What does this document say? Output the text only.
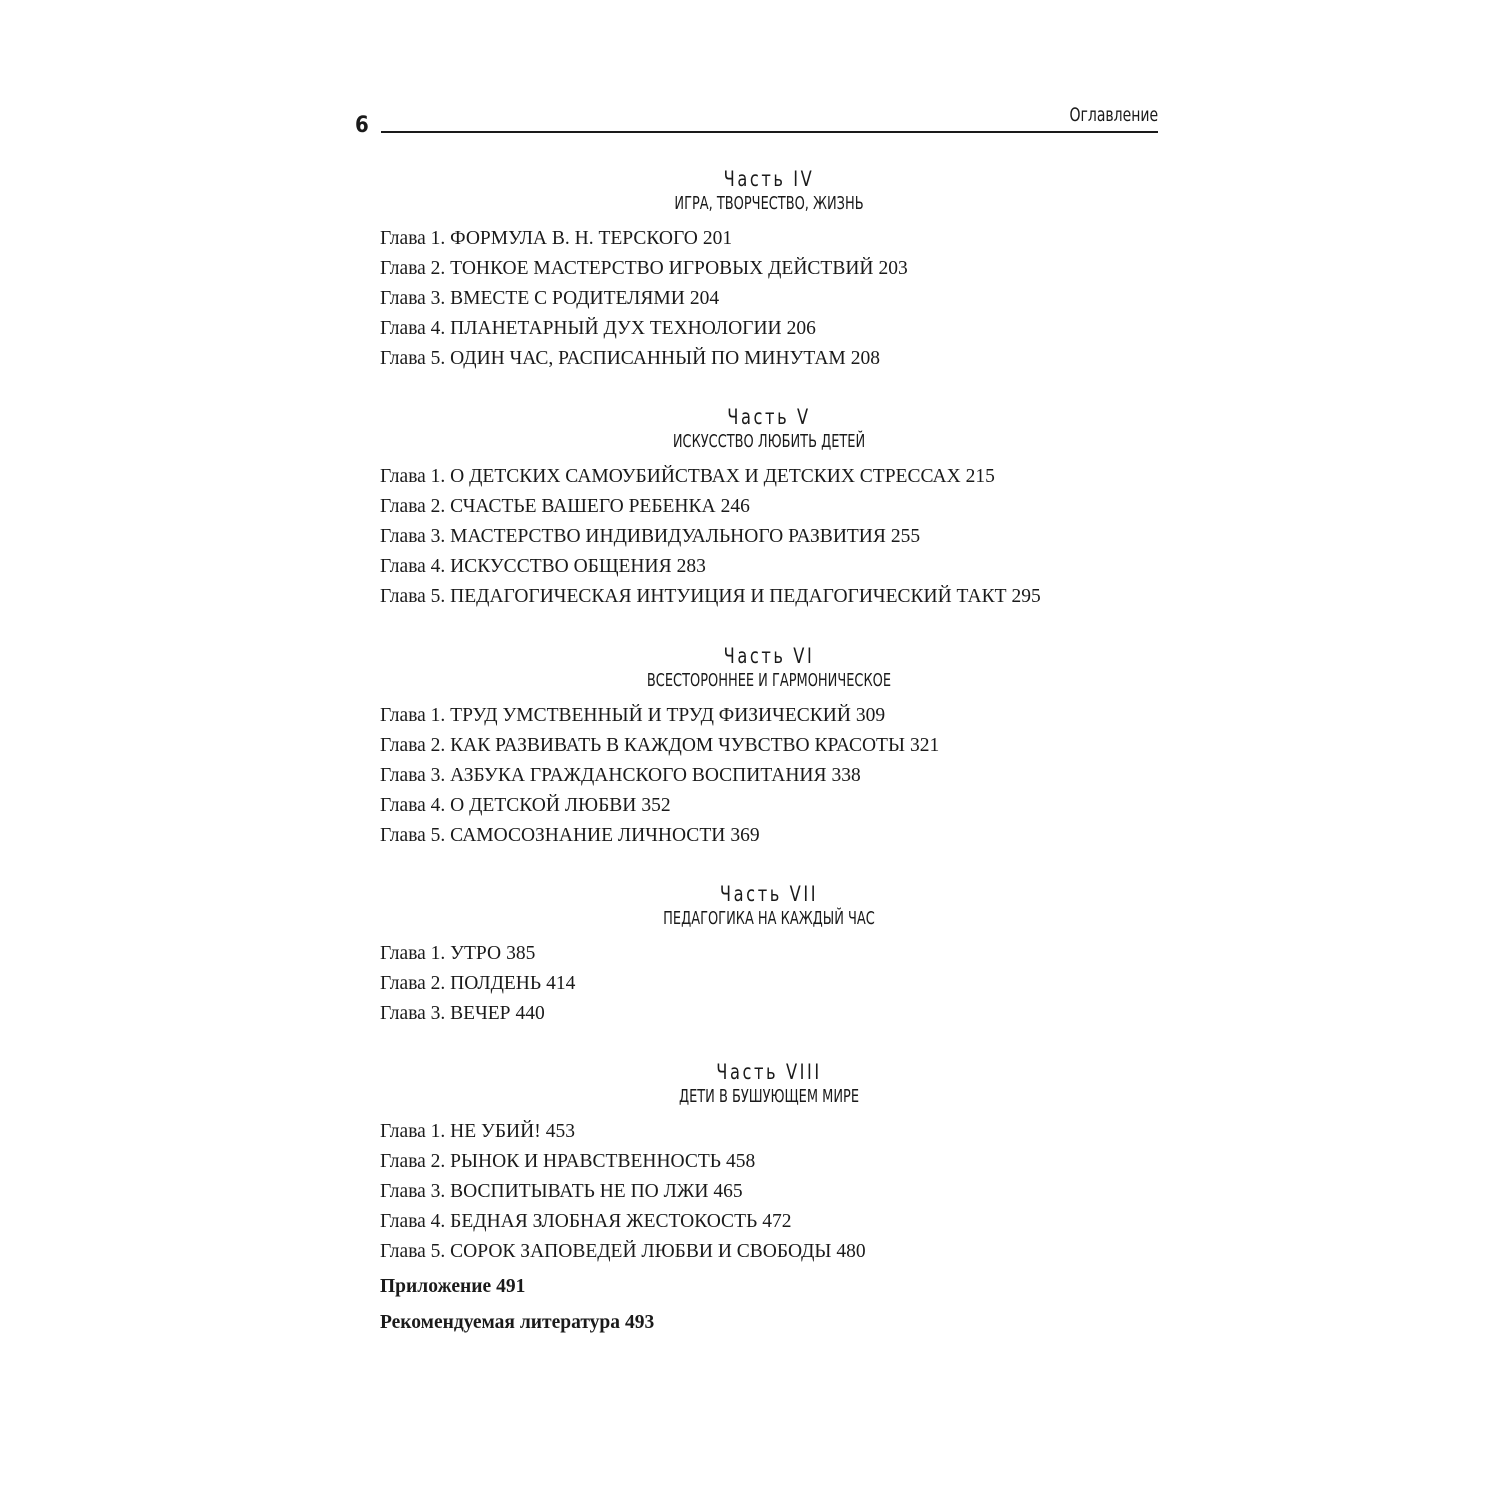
6	Оглавление
Часть IV
ИГРА, ТВОРЧЕСТВО, ЖИЗНЬ
Глава 1. ФОРМУЛА В. Н. ТЕРСКОГО 201
Глава 2. ТОНКОЕ МАСТЕРСТВО ИГРОВЫХ ДЕЙСТВИЙ 203
Глава 3. ВМЕСТЕ С РОДИТЕЛЯМИ 204
Глава 4. ПЛАНЕТАРНЫЙ ДУХ ТЕХНОЛОГИИ 206
Глава 5. ОДИН ЧАС, РАСПИСАННЫЙ ПО МИНУТАМ 208
Часть V
ИСКУССТВО ЛЮБИТЬ ДЕТЕЙ
Глава 1. О ДЕТСКИХ САМОУБИЙСТВАХ И ДЕТСКИХ СТРЕССАХ 215
Глава 2. СЧАСТЬЕ ВАШЕГО РЕБЕНКА 246
Глава 3. МАСТЕРСТВО ИНДИВИДУАЛЬНОГО РАЗВИТИЯ 255
Глава 4. ИСКУССТВО ОБЩЕНИЯ 283
Глава 5. ПЕДАГОГИЧЕСКАЯ ИНТУИЦИЯ И ПЕДАГОГИЧЕСКИЙ ТАКТ 295
Часть VI
ВСЕСТОРОННЕЕ И ГАРМОНИЧЕСКОЕ
Глава 1. ТРУД УМСТВЕННЫЙ И ТРУД ФИЗИЧЕСКИЙ 309
Глава 2. КАК РАЗВИВАТЬ В КАЖДОМ ЧУВСТВО КРАСОТЫ 321
Глава 3. АЗБУКА ГРАЖДАНСКОГО ВОСПИТАНИЯ 338
Глава 4. О ДЕТСКОЙ ЛЮБВИ 352
Глава 5. САМОСОЗНАНИЕ ЛИЧНОСТИ 369
Часть VII
ПЕДАГОГИКА НА КАЖДЫЙ ЧАС
Глава 1. УТРО 385
Глава 2. ПОЛДЕНЬ 414
Глава 3. ВЕЧЕР 440
Часть VIII
ДЕТИ В БУШУЮЩЕМ МИРЕ
Глава 1. НЕ УБИЙ! 453
Глава 2. РЫНОК И НРАВСТВЕННОСТЬ 458
Глава 3. ВОСПИТЫВАТЬ НЕ ПО ЛЖИ 465
Глава 4. БЕДНАЯ ЗЛОБНАЯ ЖЕСТОКОСТЬ 472
Глава 5. СОРОК ЗАПОВЕДЕЙ ЛЮБВИ И СВОБОДЫ 480
Приложение 491
Рекомендуемая литература 493
